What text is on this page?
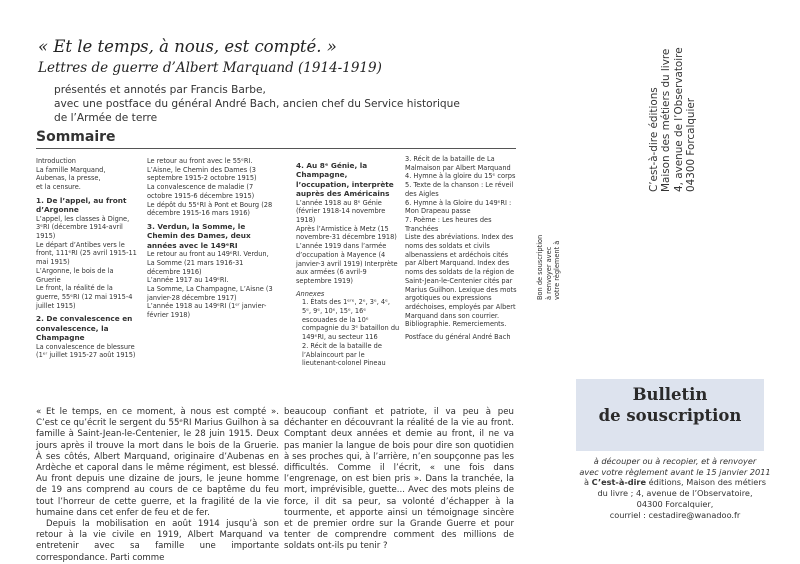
« Et le temps, à nous, est compté. »
Lettres de guerre d’Albert Marquand (1914-1919)
présentés et annotés par Francis Barbe,
avec une postface du général André Bach, ancien chef du Service historique
de l’Armée de terre
Sommaire
Introduction
La famille Marquand,
Aubenas, la presse,
et la censure.
1. De l’appel, au front d’Argonne
L’appel, les classes à Digne, 3ᵉRI (décembre 1914-avril 1915)
Le départ d’Antibes vers le front, 111ᵉRI (25 avril 1915-11 mai 1915)
L’Argonne, le bois de la Gruerie
Le front, la réalité de la guerre, 55ᵉRI (12 mai 1915-4 juillet 1915)
2. De convalescence en convalescence, la Champagne
La convalescence de blessure (1ᵉʳ juillet 1915-27 août 1915)
Le retour au front avec le 55ᵉRI. L’Aisne, le Chemin des Dames (3 septembre 1915-2 octobre 1915)
La convalescence de maladie (7 octobre 1915-6 décembre 1915)
Le dépôt du 55ᵉRI à Pont et Bourg (28 décembre 1915-16 mars 1916)
3. Verdun, la Somme, le Chemin des Dames, deux années avec le 149ᵉRI
Le retour au front au 149ᵉRI. Verdun, La Somme (21 mars 1916-31 décembre 1916)
L’année 1917 au 149ᵉRI.
La Somme, La Champagne, L’Aisne (3 janvier-28 décembre 1917)
L’année 1918 au 149ᵉRI (1ᵉʳ janvier-février 1918)
4. Au 8ᵉ Génie, la Champagne, l’occupation, interprète auprès des Américains
L’année 1918 au 8ᵉ Génie (février 1918-14 novembre 1918)
Après l’Armistice à Metz (15 novembre-31 décembre 1918)
L’année 1919 dans l’armée d’occupation à Mayence (4 janvier-3 avril 1919) Interprète aux armées (6 avril-9 septembre 1919)
Annexes
1. États des 1ᵉʳᵉ, 2ᵉ, 3ᵉ, 4ᵉ, 5ᵉ, 9ᵉ, 10ᵉ, 15ᵉ, 16ᵉ escouades de la 10ᵉ compagnie du 3ᵉ bataillon du 149ᵉRI, au secteur 116
2. Récit de la bataille de l’Ablaincourt par le lieutenant-colonel Pineau
3. Récit de la bataille de La Malmaison par Albert Marquand
4. Hymne à la gloire du 15ᵉ corps
5. Texte de la chanson : Le réveil des Aigles
6. Hymne à la Gloire du 149ᵉRI : Mon Drapeau passe
7. Poème : Les heures des Tranchées
Liste des abréviations. Index des noms des soldats et civils albenassiens et ardéchois cités par Albert Marquand. Index des noms des soldats de la région de Saint-Jean-le-Centenier cités par Marius Guilhon. Lexique des mots argotiques ou expressions ardéchoises, employés par Albert Marquand dans son courrier. Bibliographie. Remerciements.
Postface du général André Bach

« Et le temps, en ce moment, à nous est compté ». C’est ce qu’écrit le sergent du 55ᵉRI Marius Guilhon à sa famille à Saint-Jean-le-Centenier, le 28 juin 1915. Deux jours après il trouve la mort dans le bois de la Gruerie. À ses côtés, Albert Marquand, originaire d’Aubenas en Ardèche et caporal dans le même régiment, est blessé. Au front depuis une dizaine de jours, le jeune homme de 19 ans comprend au cours de ce baptême du feu tout l’horreur de cette guerre, et la fragilité de la vie humaine dans cet enfer de feu et de fer.

Depuis la mobilisation en août 1914 jusqu’à son retour à la vie civile en 1919, Albert Marquand va entretenir avec sa famille une importante correspondance. Parti comme

beaucoup confiant et patriote, il va peu à peu déchanter en découvrant la réalité de la vie au front. Comptant deux années et demie au front, il ne va pas manier la langue de bois pour dire son quotidien à ses proches qui, à l’arrière, n’en soupçonne pas les difficultés. Comme il l’écrit, « une fois dans l’engrenage, on est bien pris ». Dans la tranchée, la mort, imprévisible, guette... Avec des mots pleins de force, il dit sa peur, sa volonté d’échapper à la tourmente, et apporte ainsi un témoignage sincère et de premier ordre sur la Grande Guerre et pour tenter de comprendre comment des millions de soldats ont-ils pu tenir ?

C’est-à-dire éditions Maison des métiers du livre 4, avenue de l’Observatoire 04300 Forcalquier
Bon de souscription à renvoyer avec votre règlement à
Bulletin
de souscription
à découper ou à recopier, et à renvoyer
avec votre règlement avant le 15 janvier 2011
à C’est-à-dire éditions, Maison des métiers
du livre ; 4, avenue de l’Observatoire,
04300 Forcalquier,
courriel : cestadire@wanadoo.fr
